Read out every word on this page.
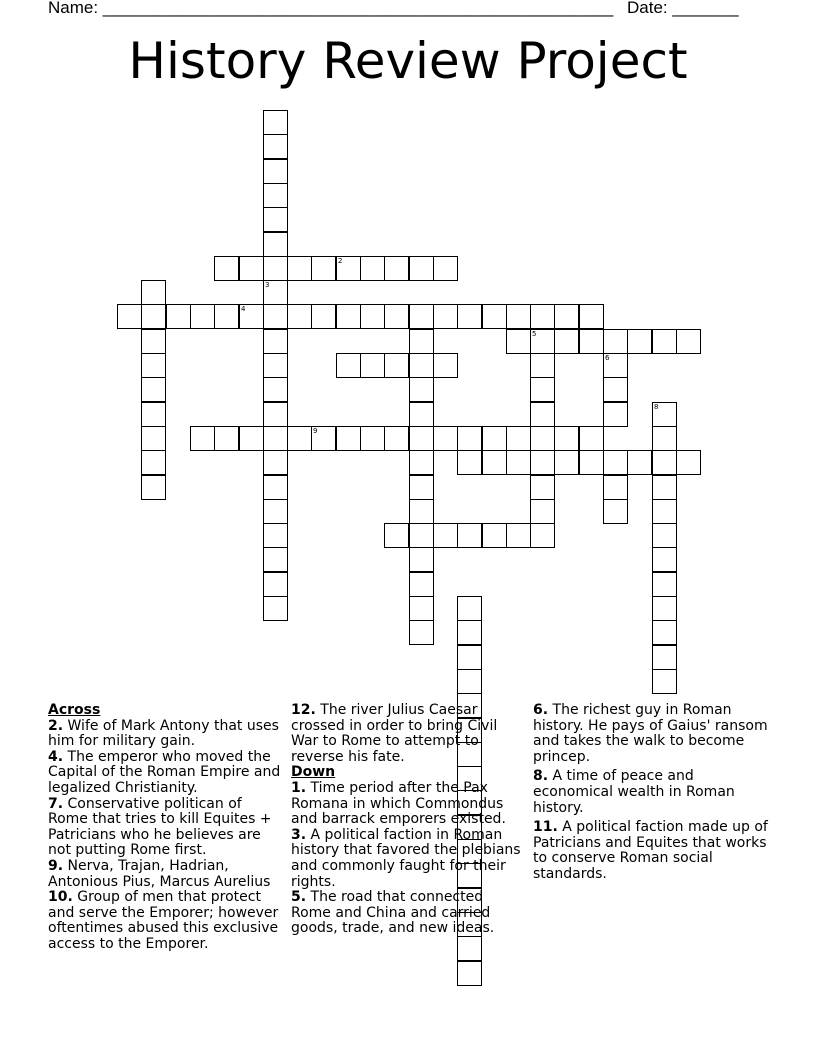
Name: ______________________________________________________ Date: _______
History Review Project
3
2
4
9
5
6
8
Across
2. Wife of Mark Antony that uses him for military gain.
4. The emperor who moved the Capital of the Roman Empire and legalized Christianity.
7. Conservative politican of Rome that tries to kill Equites + Patricians who he believes are not putting Rome first.
9. Nerva, Trajan, Hadrian, Antonious Pius, Marcus Aurelius
10. Group of men that protect and serve the Emporer; however oftentimes abused this exclusive access to the Emporer.
12. The river Julius Caesar crossed in order to bring Civil War to Rome to attempt to reverse his fate.
Down
1. Time period after the Pax Romana in which Commondus and barrack emporers existed.
3. A political faction in Roman history that favored the plebians and commonly faught for their rights.
5. The road that connected Rome and China and carried goods, trade, and new ideas.
6. The richest guy in Roman history. He pays of Gaius' ransom and takes the walk to become princep.
8. A time of peace and economical wealth in Roman history.
11. A political faction made up of Patricians and Equites that works to conserve Roman social standards.
